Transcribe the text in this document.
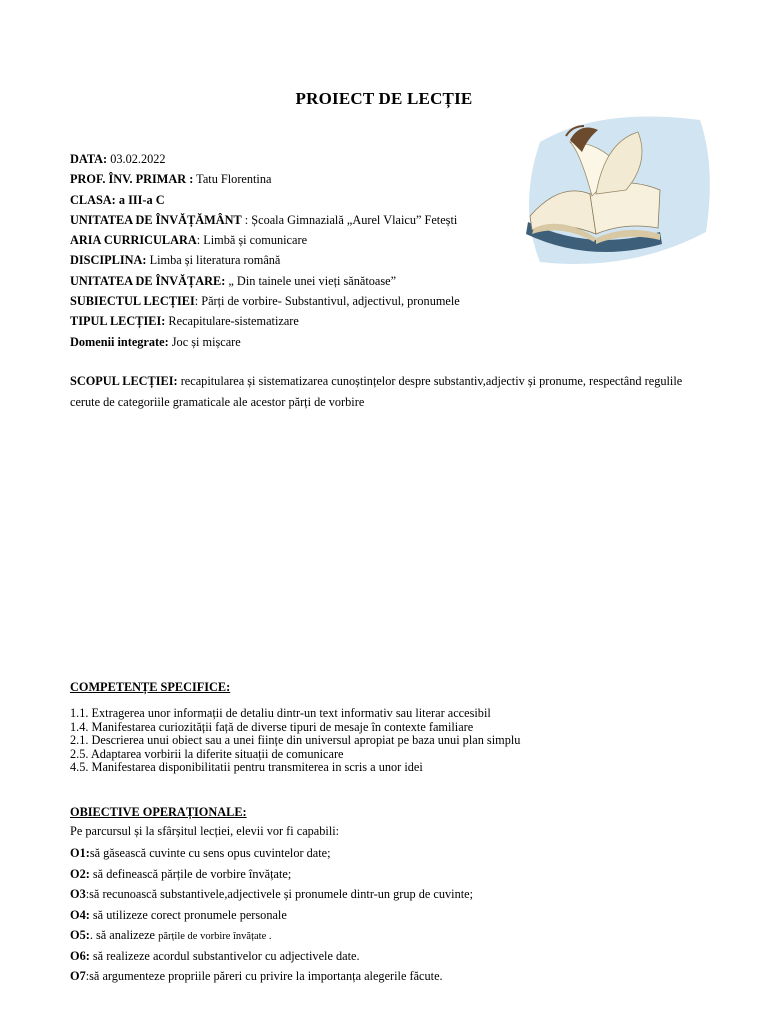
PROIECT DE LECȚIE
DATA: 03.02.2022
PROF. ÎNV. PRIMAR : Tatu Florentina
CLASA: a III-a C
UNITATEA DE ÎNVĂȚĂMÂNT : Școala Gimnazială „Aurel Vlaicu” Fetești
ARIA CURRICULARA: Limbă și comunicare
DISCIPLINA: Limba și literatura română
UNITATEA DE ÎNVĂȚARE: „ Din tainele unei vieți sănătoase”
SUBIECTUL LECȚIEI: Părți de vorbire- Substantivul, adjectivul, pronumele
TIPUL LECȚIEI: Recapitulare-sistematizare
Domenii integrate: Joc și mișcare
SCOPUL LECȚIEI: recapitularea și sistematizarea cunoștințelor despre substantiv,adjectiv și pronume, respectând regulile cerute de categoriile gramaticale ale acestor părți de vorbire
COMPETENȚE SPECIFICE:
1.1. Extragerea unor informații de detaliu dintr-un text informativ sau literar accesibil
1.4. Manifestarea curiozității față de diverse tipuri de mesaje în contexte familiare
2.1. Descrierea unui obiect sau a unei ființe din universul apropiat pe baza unui plan simplu
2.5. Adaptarea vorbirii la diferite situații de comunicare
4.5. Manifestarea disponibilitatii pentru transmiterea in scris a unor idei
OBIECTIVE OPERAȚIONALE:
Pe parcursul și la sfârșitul lecției, elevii vor fi capabili:
O1:să găsească cuvinte cu sens opus cuvintelor date;
O2: să definească părțile de vorbire învățate;
O3:să recunoască substantivele,adjectivele și pronumele dintr-un grup de cuvinte;
O4: să utilizeze corect pronumele personale
O5:. să analizeze părțile de vorbire învățate .
O6: să realizeze acordul substantivelor cu adjectivele date.
O7:să argumenteze propriile păreri cu privire la importanța alegerile făcute.
